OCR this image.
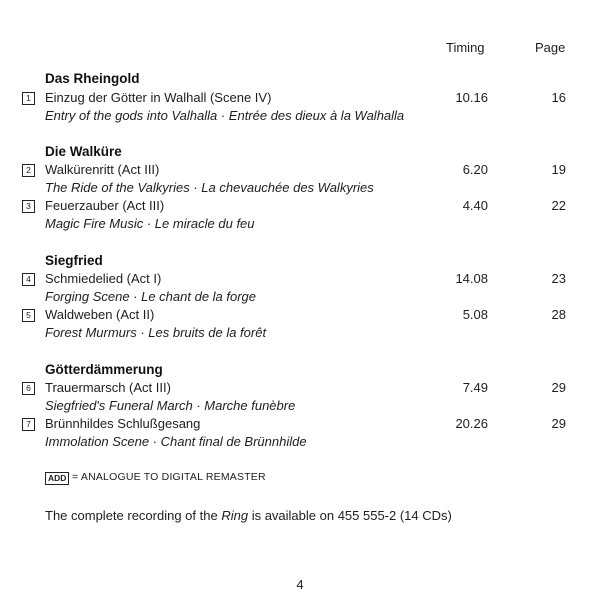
Timing	Page
Das Rheingold
1	Einzug der Götter in Walhall (Scene IV)	10.16	16
Entry of the gods into Valhalla · Entrée des dieux à la Walhalla
Die Walküre
2	Walkürenritt (Act III)	6.20	19
The Ride of the Valkyries · La chevauchée des Walkyries
3	Feuerzauber (Act III)	4.40	22
Magic Fire Music · Le miracle du feu
Siegfried
4	Schmiedelied (Act I)	14.08	23
Forging Scene · Le chant de la forge
5	Waldweben (Act II)	5.08	28
Forest Murmurs · Les bruits de la forêt
Götterdämmerung
6	Trauermarsch (Act III)	7.49	29
Siegfried's Funeral March · Marche funèbre
7	Brünnhildes Schlußgesang	20.26	29
Immolation Scene · Chant final de Brünnhilde
ADD = ANALOGUE TO DIGITAL REMASTER
The complete recording of the Ring is available on 455 555-2 (14 CDs)
4
